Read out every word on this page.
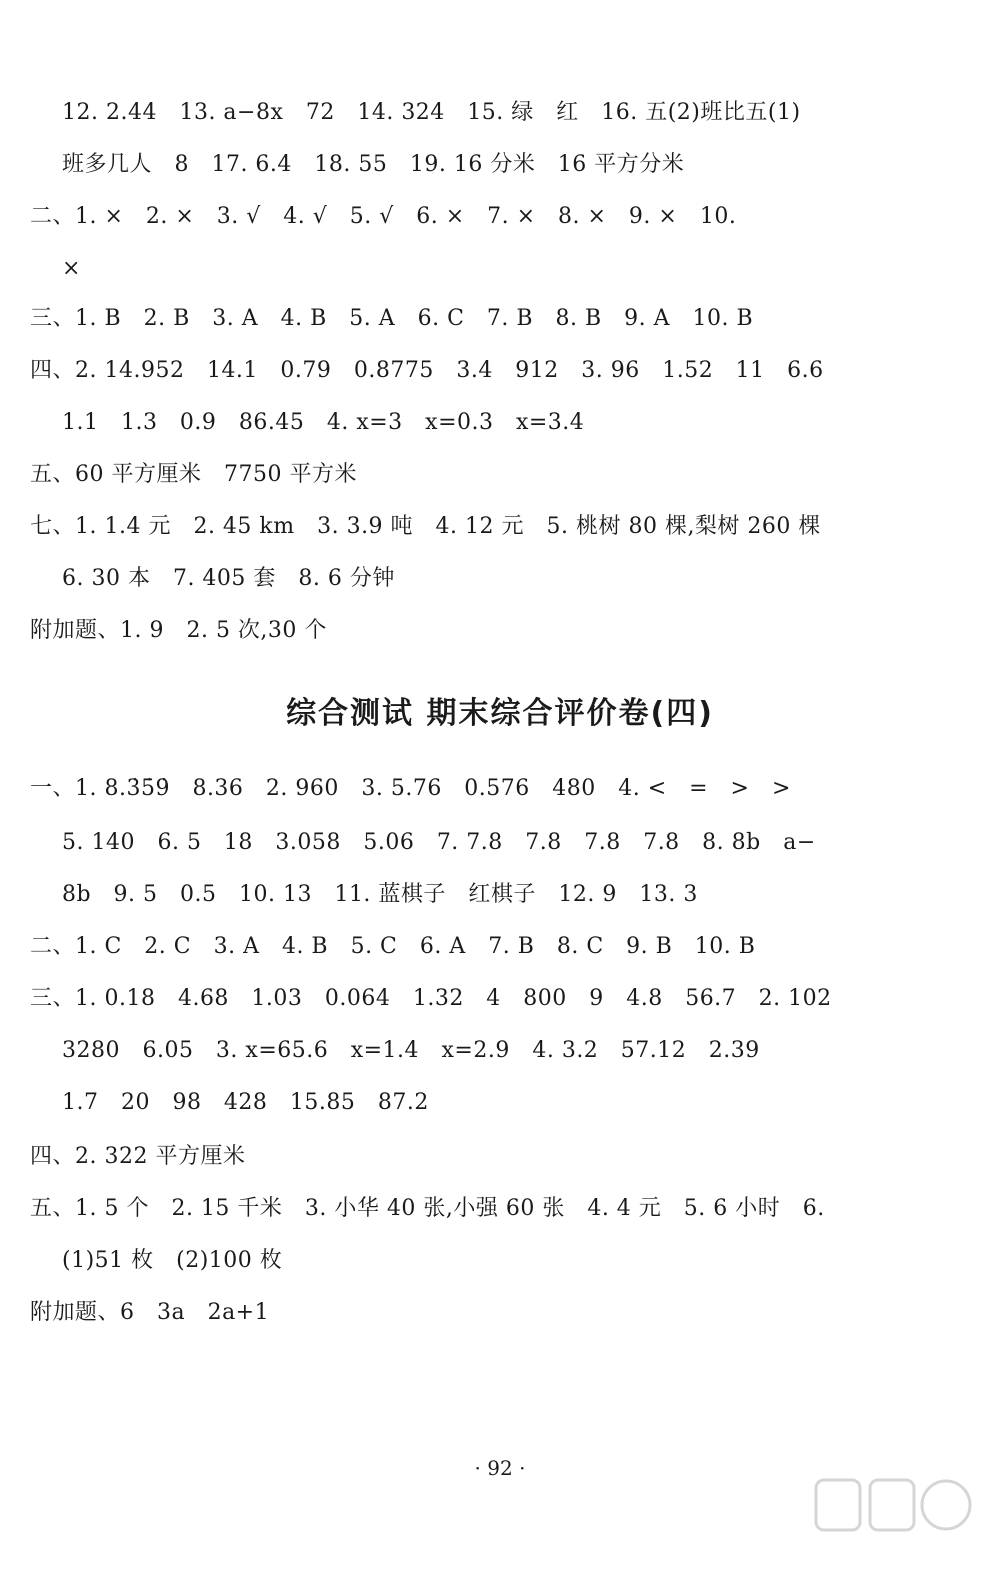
12. 2.44   13. a−8x   72   14. 324   15. 绿   红   16. 五(2)班比五(1)
班多几人   8   17. 6.4   18. 55   19. 16 分米   16 平方分米
二、1. ×   2. ×   3. √   4. √   5. √   6. ×   7. ×   8. ×   9. ×   10.
×
三、1. B   2. B   3. A   4. B   5. A   6. C   7. B   8. B   9. A   10. B
四、2. 14.952   14.1   0.79   0.8775   3.4   912   3. 96   1.52   11   6.6
1.1   1.3   0.9   86.45   4. x=3   x=0.3   x=3.4
五、60 平方厘米   7750 平方米
七、1. 1.4 元   2. 45 km   3. 3.9 吨   4. 12 元   5. 桃树 80 棵,梨树 260 棵
6. 30 本   7. 405 套   8. 6 分钟
附加题、1. 9   2. 5 次,30 个
综合测试 期末综合评价卷(四)
一、1. 8.3̇5̇9̇   8.36   2. 960   3. 5.76   0.576   480   4. <   =   >   >
5. 140   6. 5   18   3.058   5.06   7. 7.8   7.8   7.8   7.8   8. 8b   a−
8b   9. 5   0.5   10. 13   11. 蓝棋子   红棋子   12. 9   13. 3
二、1. C   2. C   3. A   4. B   5. C   6. A   7. B   8. C   9. B   10. B
三、1. 0.18   4.68   1.03   0.064   1.32   4   800   9   4.8   56.7   2. 102
3280   6.05   3. x=65.6   x=1.4   x=2.9   4. 3.2   57.12   2.39
1.7   20   98   428   15.85   87.2
四、2. 322 平方厘米
五、1. 5 个   2. 15 千米   3. 小华 40 张,小强 60 张   4. 4 元   5. 6 小时   6.
(1)51 枚   (2)100 枚
附加题、6   3a   2a+1
· 92 ·
